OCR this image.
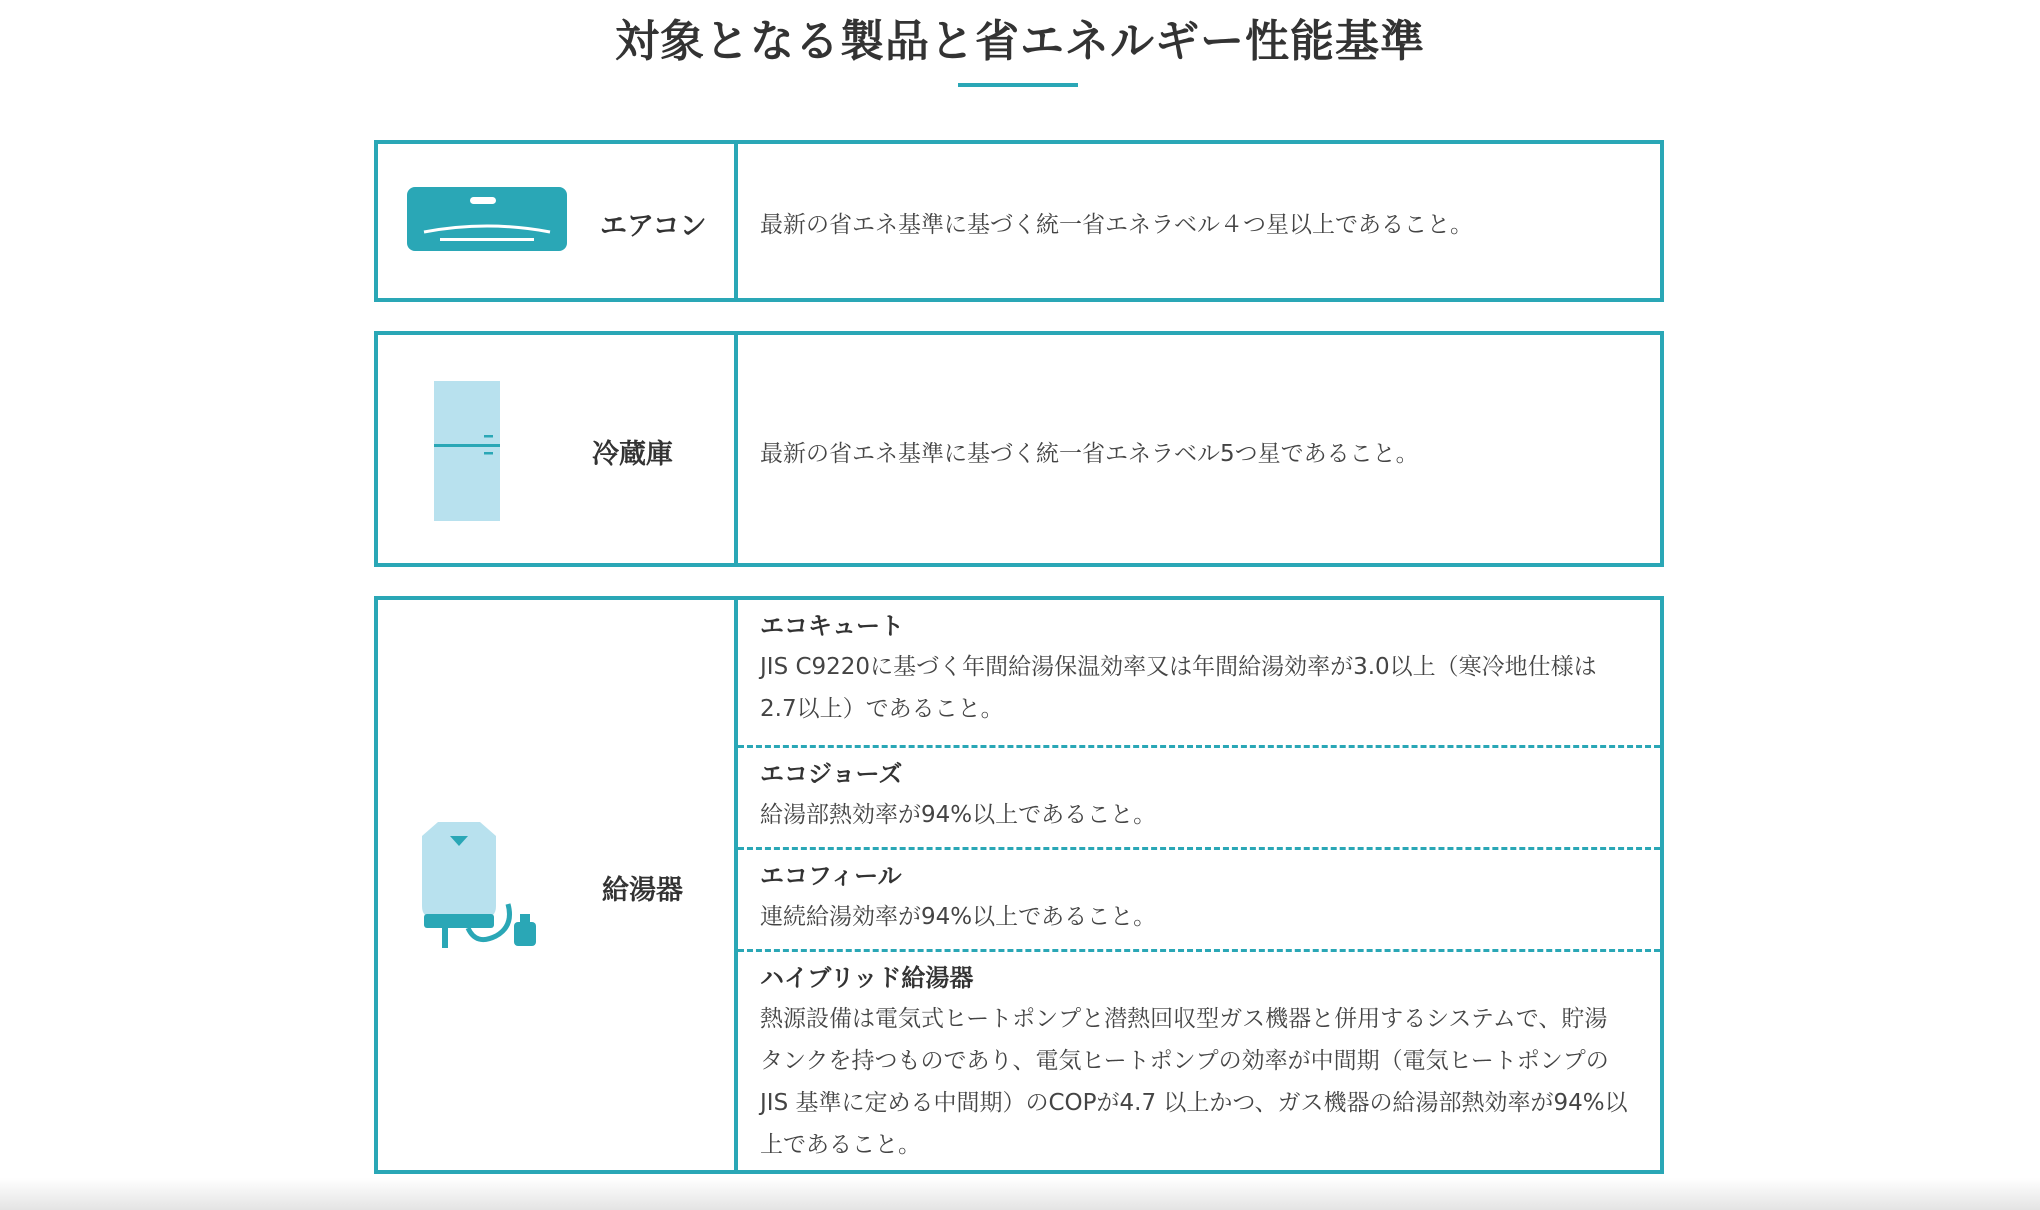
対象となる製品と省エネルギー性能基準
エアコン 最新の省エネ基準に基づく統一省エネラベル４つ星以上であること。
冷蔵庫	最新の省エネ基準に基づく統一省エネラベル5つ星であること。
給湯器
エコキュート
JIS C9220に基づく年間給湯保温効率又は年間給湯効率が3.0以上（寒冷地仕様は2.7以上）であること。
エコジョーズ
給湯部熱効率が94%以上であること。
エコフィール
連続給湯効率が94%以上であること。
ハイブリッド給湯器
熱源設備は電気式ヒートポンプと潜熱回収型ガス機器と併用するシステムで、貯湯タンクを持つものであり、電気ヒートポンプの効率が中間期（電気ヒートポンプのJIS 基準に定める中間期）のCOPが4.7 以上かつ、ガス機器の給湯部熱効率が94%以上であること。
